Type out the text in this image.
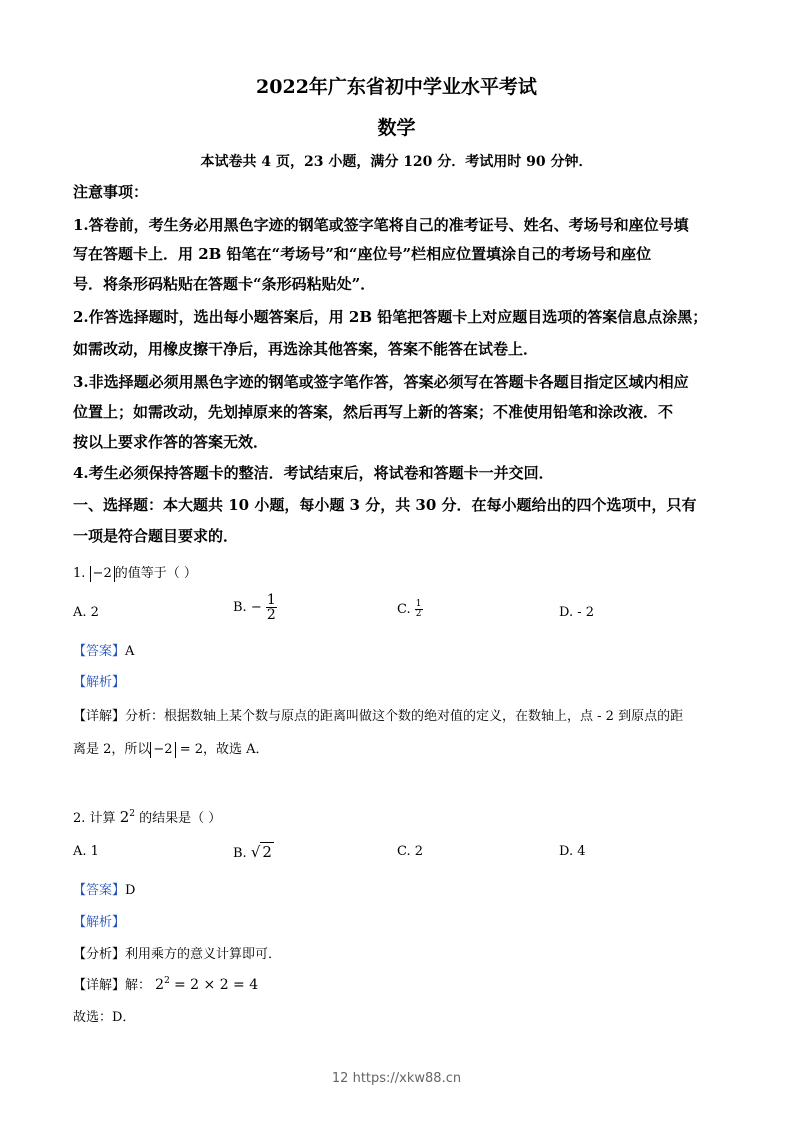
2022年广东省初中学业水平考试
数学
本试卷共 4 页，23 小题，满分 120 分．考试用时 90 分钟．
注意事项：
1.答卷前，考生务必用黑色字迹的钢笔或签字笔将自己的准考证号、姓名、考场号和座位号填
写在答题卡上．用 2B 铅笔在“考场号”和“座位号”栏相应位置填涂自己的考场号和座位
号．将条形码粘贴在答题卡“条形码粘贴处”．
2.作答选择题时，选出每小题答案后，用 2B 铅笔把答题卡上对应题目选项的答案信息点涂黑；
如需改动，用橡皮擦干净后，再选涂其他答案，答案不能答在试卷上．
3.非选择题必须用黑色字迹的钢笔或签字笔作答，答案必须写在答题卡各题目指定区域内相应
位置上；如需改动，先划掉原来的答案，然后再写上新的答案；不准使用铅笔和涂改液．不
按以上要求作答的答案无效．
4.考生必须保持答题卡的整洁．考试结束后，将试卷和答题卡一并交回．
一、选择题：本大题共 10 小题，每小题 3 分，共 30 分．在每小题给出的四个选项中，只有
一项是符合题目要求的．
1. −2 的值等于（ ）
A. 2	B. − $\frac{1}{2}$	C. $\frac{1}{2}$	D. - 2
【答案】A
【解析】
【详解】分析：根据数轴上某个数与原点的距离叫做这个数的绝对值的定义，在数轴上，点 - 2 到原点的距
离是 2，所以 −2 = 2，故选 A．
2. 计算 $2^2$ 的结果是（ ）
A. 1	B. √ 2	C. 2	D. 4
【答案】D
【解析】
【分析】利用乘方的意义计算即可．
【详解】解： $2^2 = 2 \times 2 = 4$
故选：D．
12 https://xkw88.cn
